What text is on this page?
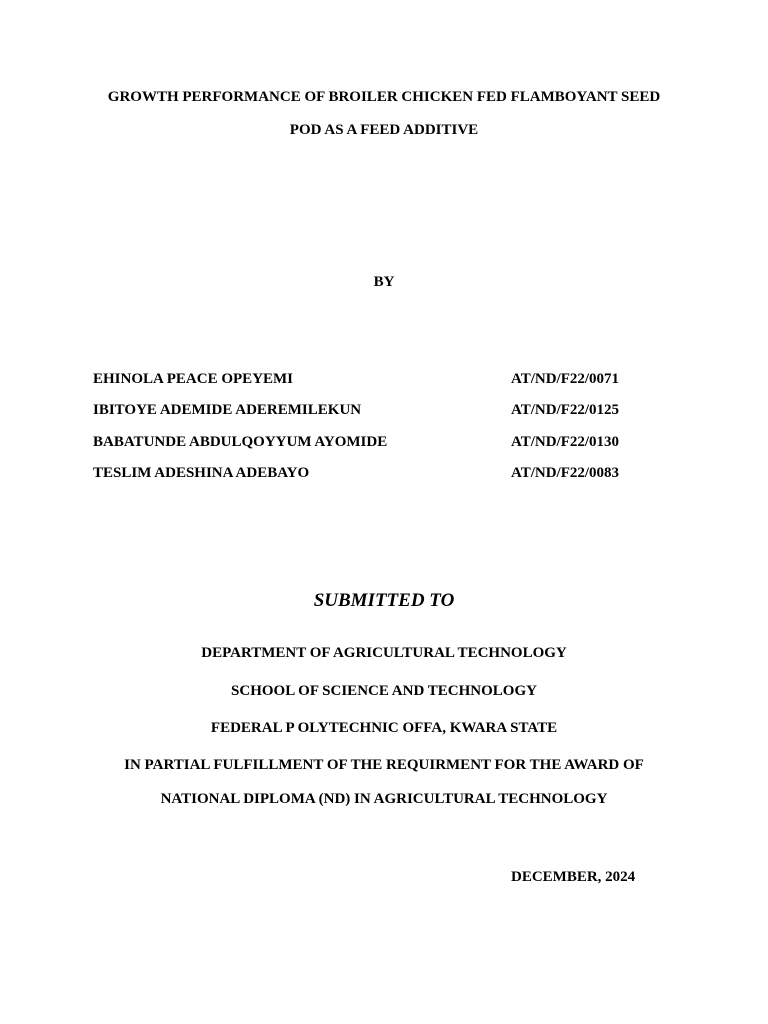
GROWTH PERFORMANCE OF BROILER CHICKEN FED FLAMBOYANT SEED
POD AS A FEED ADDITIVE
BY
EHINOLA PEACE OPEYEMI	AT/ND/F22/0071
IBITOYE ADEMIDE ADEREMILEKUN	AT/ND/F22/0125
BABATUNDE ABDULQOYYUM AYOMIDE	AT/ND/F22/0130
TESLIM ADESHINA ADEBAYO	AT/ND/F22/0083
SUBMITTED TO
DEPARTMENT OF AGRICULTURAL TECHNOLOGY
SCHOOL OF SCIENCE AND TECHNOLOGY
FEDERAL P OLYTECHNIC OFFA, KWARA STATE
IN PARTIAL FULFILLMENT OF THE REQUIRMENT FOR THE AWARD OF
NATIONAL DIPLOMA (ND) IN AGRICULTURAL TECHNOLOGY
DECEMBER, 2024
